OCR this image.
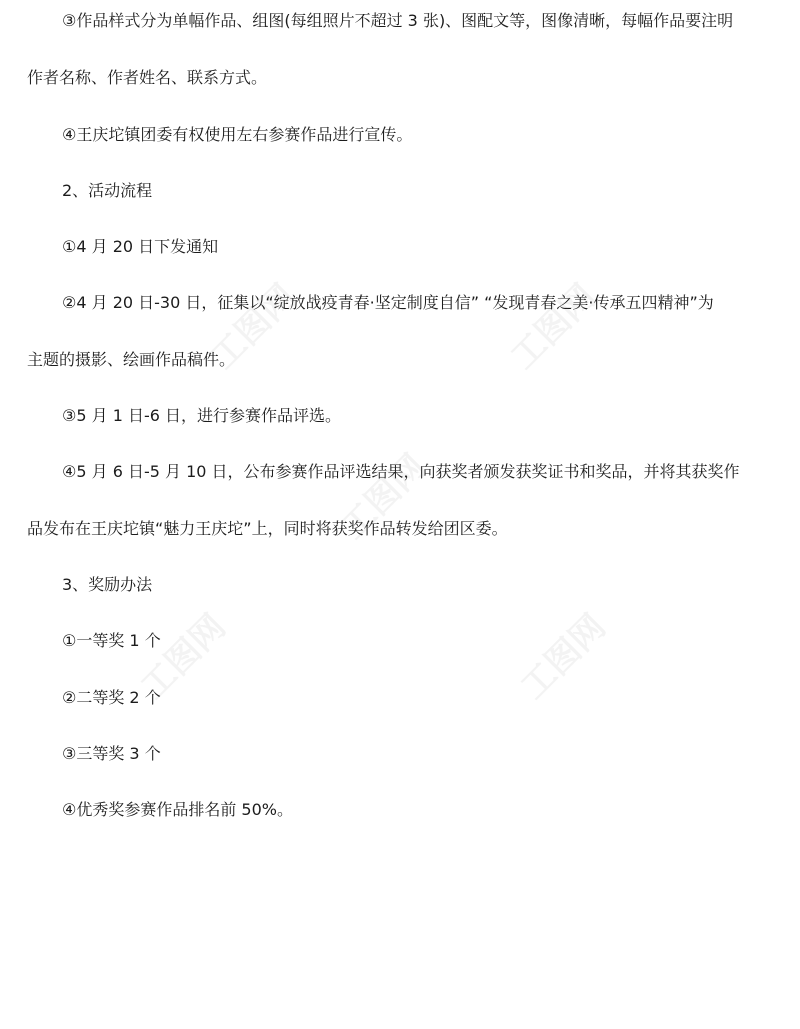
③作品样式分为单幅作品、组图(每组照片不超过 3 张)、图配文等，图像清晰，每幅作品要注明
作者名称、作者姓名、联系方式。
④王庆坨镇团委有权使用左右参赛作品进行宣传。
2、活动流程
①4 月 20 日下发通知
②4 月 20 日-30 日，征集以“绽放战疫青春·坚定制度自信” “发现青春之美·传承五四精神”为
主题的摄影、绘画作品稿件。
③5 月 1 日-6 日，进行参赛作品评选。
④5 月 6 日-5 月 10 日，公布参赛作品评选结果，向获奖者颁发获奖证书和奖品，并将其获奖作
品发布在王庆坨镇“魅力王庆坨”上，同时将获奖作品转发给团区委。
3、奖励办法
①一等奖 1 个
②二等奖 2 个
③三等奖 3 个
④优秀奖参赛作品排名前 50%。
工图网	工图网
工图网
工图网	工图网
